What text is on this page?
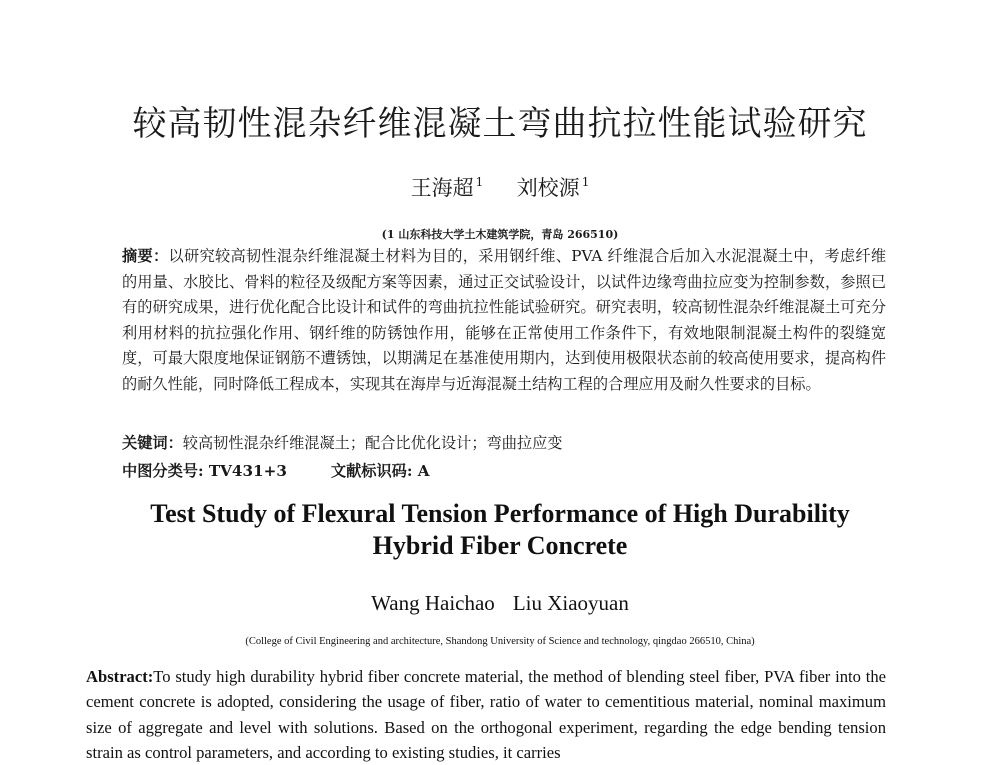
较高韧性混杂纤维混凝土弯曲抗拉性能试验研究
王海超 $^1$ 刘校源 $^1$
(1 山东科技大学土木建筑学院，青岛 266510)
摘要：以研究较高韧性混杂纤维混凝土材料为目的，采用钢纤维、PVA 纤维混合后加入水泥混凝土中，考虑纤维的用量、水胶比、骨料的粒径及级配方案等因素，通过正交试验设计，以试件边缘弯曲拉应变为控制参数，参照已有的研究成果，进行优化配合比设计和试件的弯曲抗拉性能试验研究。研究表明，较高韧性混杂纤维混凝土可充分利用材料的抗拉强化作用、钢纤维的防锈蚀作用，能够在正常使用工作条件下，有效地限制混凝土构件的裂缝宽度，可最大限度地保证钢筋不遭锈蚀，以期满足在基准使用期内，达到使用极限状态前的较高使用要求，提高构件的耐久性能，同时降低工程成本，实现其在海岸与近海混凝土结构工程的合理应用及耐久性要求的目标。
关键词：较高韧性混杂纤维混凝土；配合比优化设计；弯曲拉应变
中图分类号: TV431+3	文献标识码: A
Test Study of Flexural Tension Performance of High Durability
Hybrid Fiber Concrete
Wang Haichao Liu Xiaoyuan
(College of Civil Engineering and architecture, Shandong University of Science and technology, qingdao 266510, China)
Abstract:To study high durability hybrid fiber concrete material, the method of blending steel fiber, PVA fiber into the cement concrete is adopted, considering the usage of fiber, ratio of water to cementitious material, nominal maximum size of aggregate and level with solutions. Based on the orthogonal experiment, regarding the edge bending tension strain as control parameters, and according to existing studies, it carries
